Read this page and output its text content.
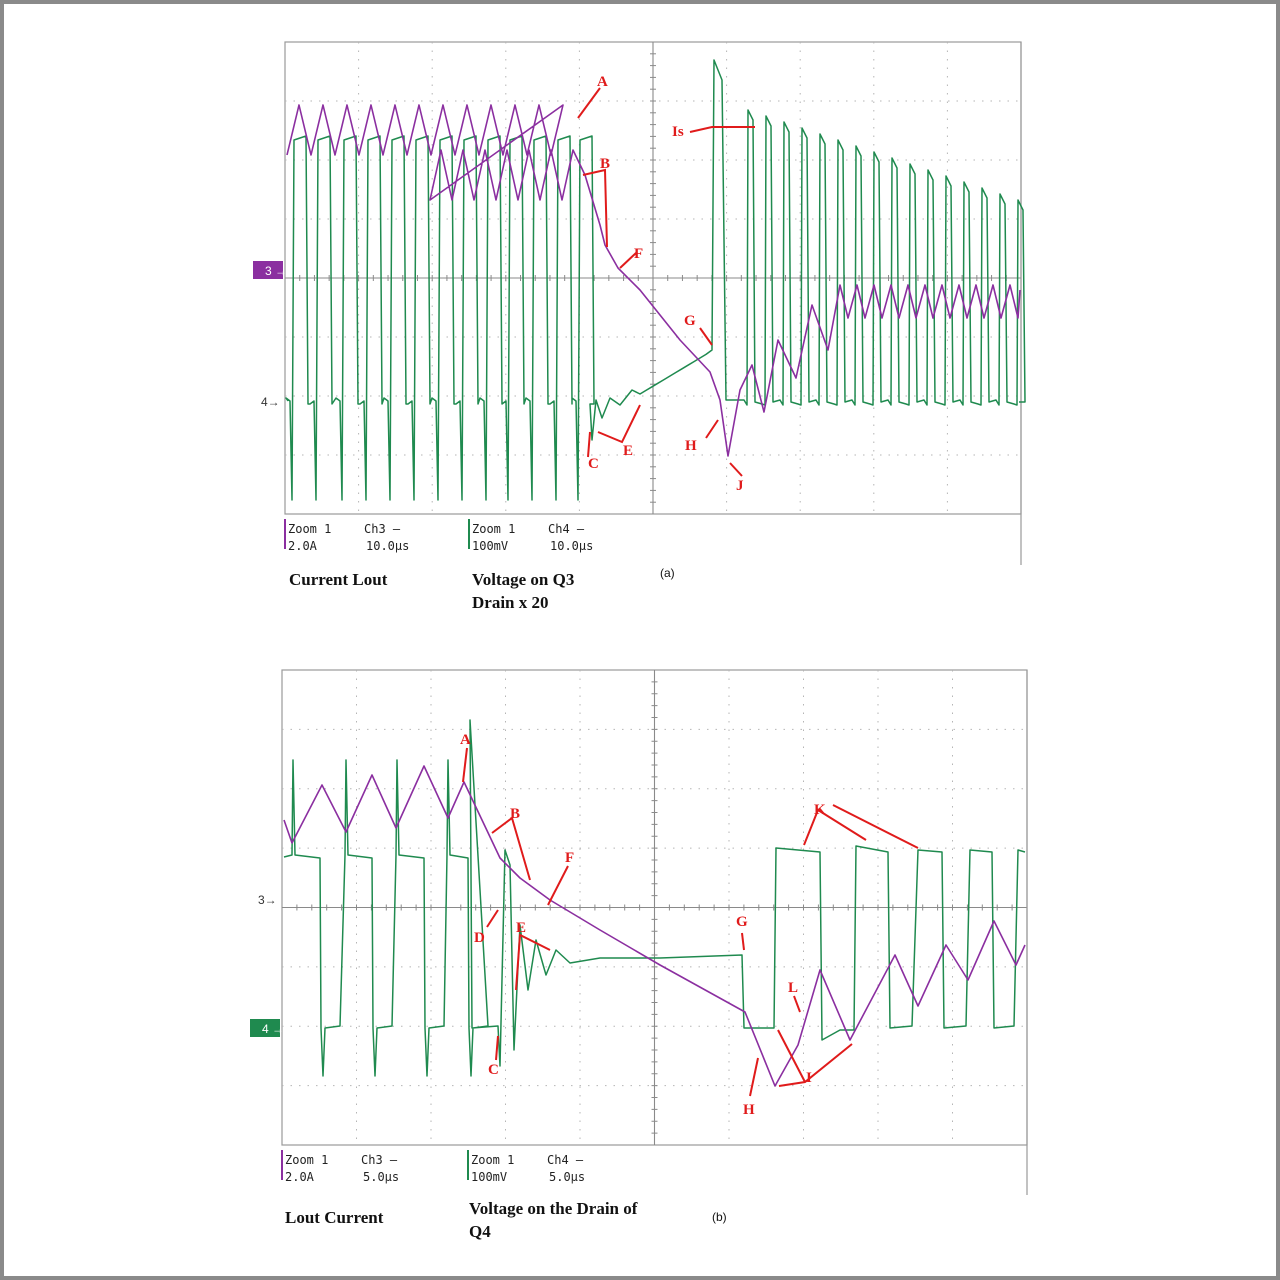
3 →
4→
A
B
F
C
E
G
H
J
Is
3→
4 →
A
B
F
D
E
C
G
H
I
L
K
Zoom 1	Ch3 —
2.0A	10.0µs
Zoom 1	Ch4 —
100mV	10.0µs
Current Lout	Voltage on Q3
Drain x 20
(a)
Zoom 1	Ch3 —
2.0A	5.0µs
Zoom 1	Ch4 —
100mV	5.0µs
Lout Current	Voltage on the Drain of
Q4
(b)
